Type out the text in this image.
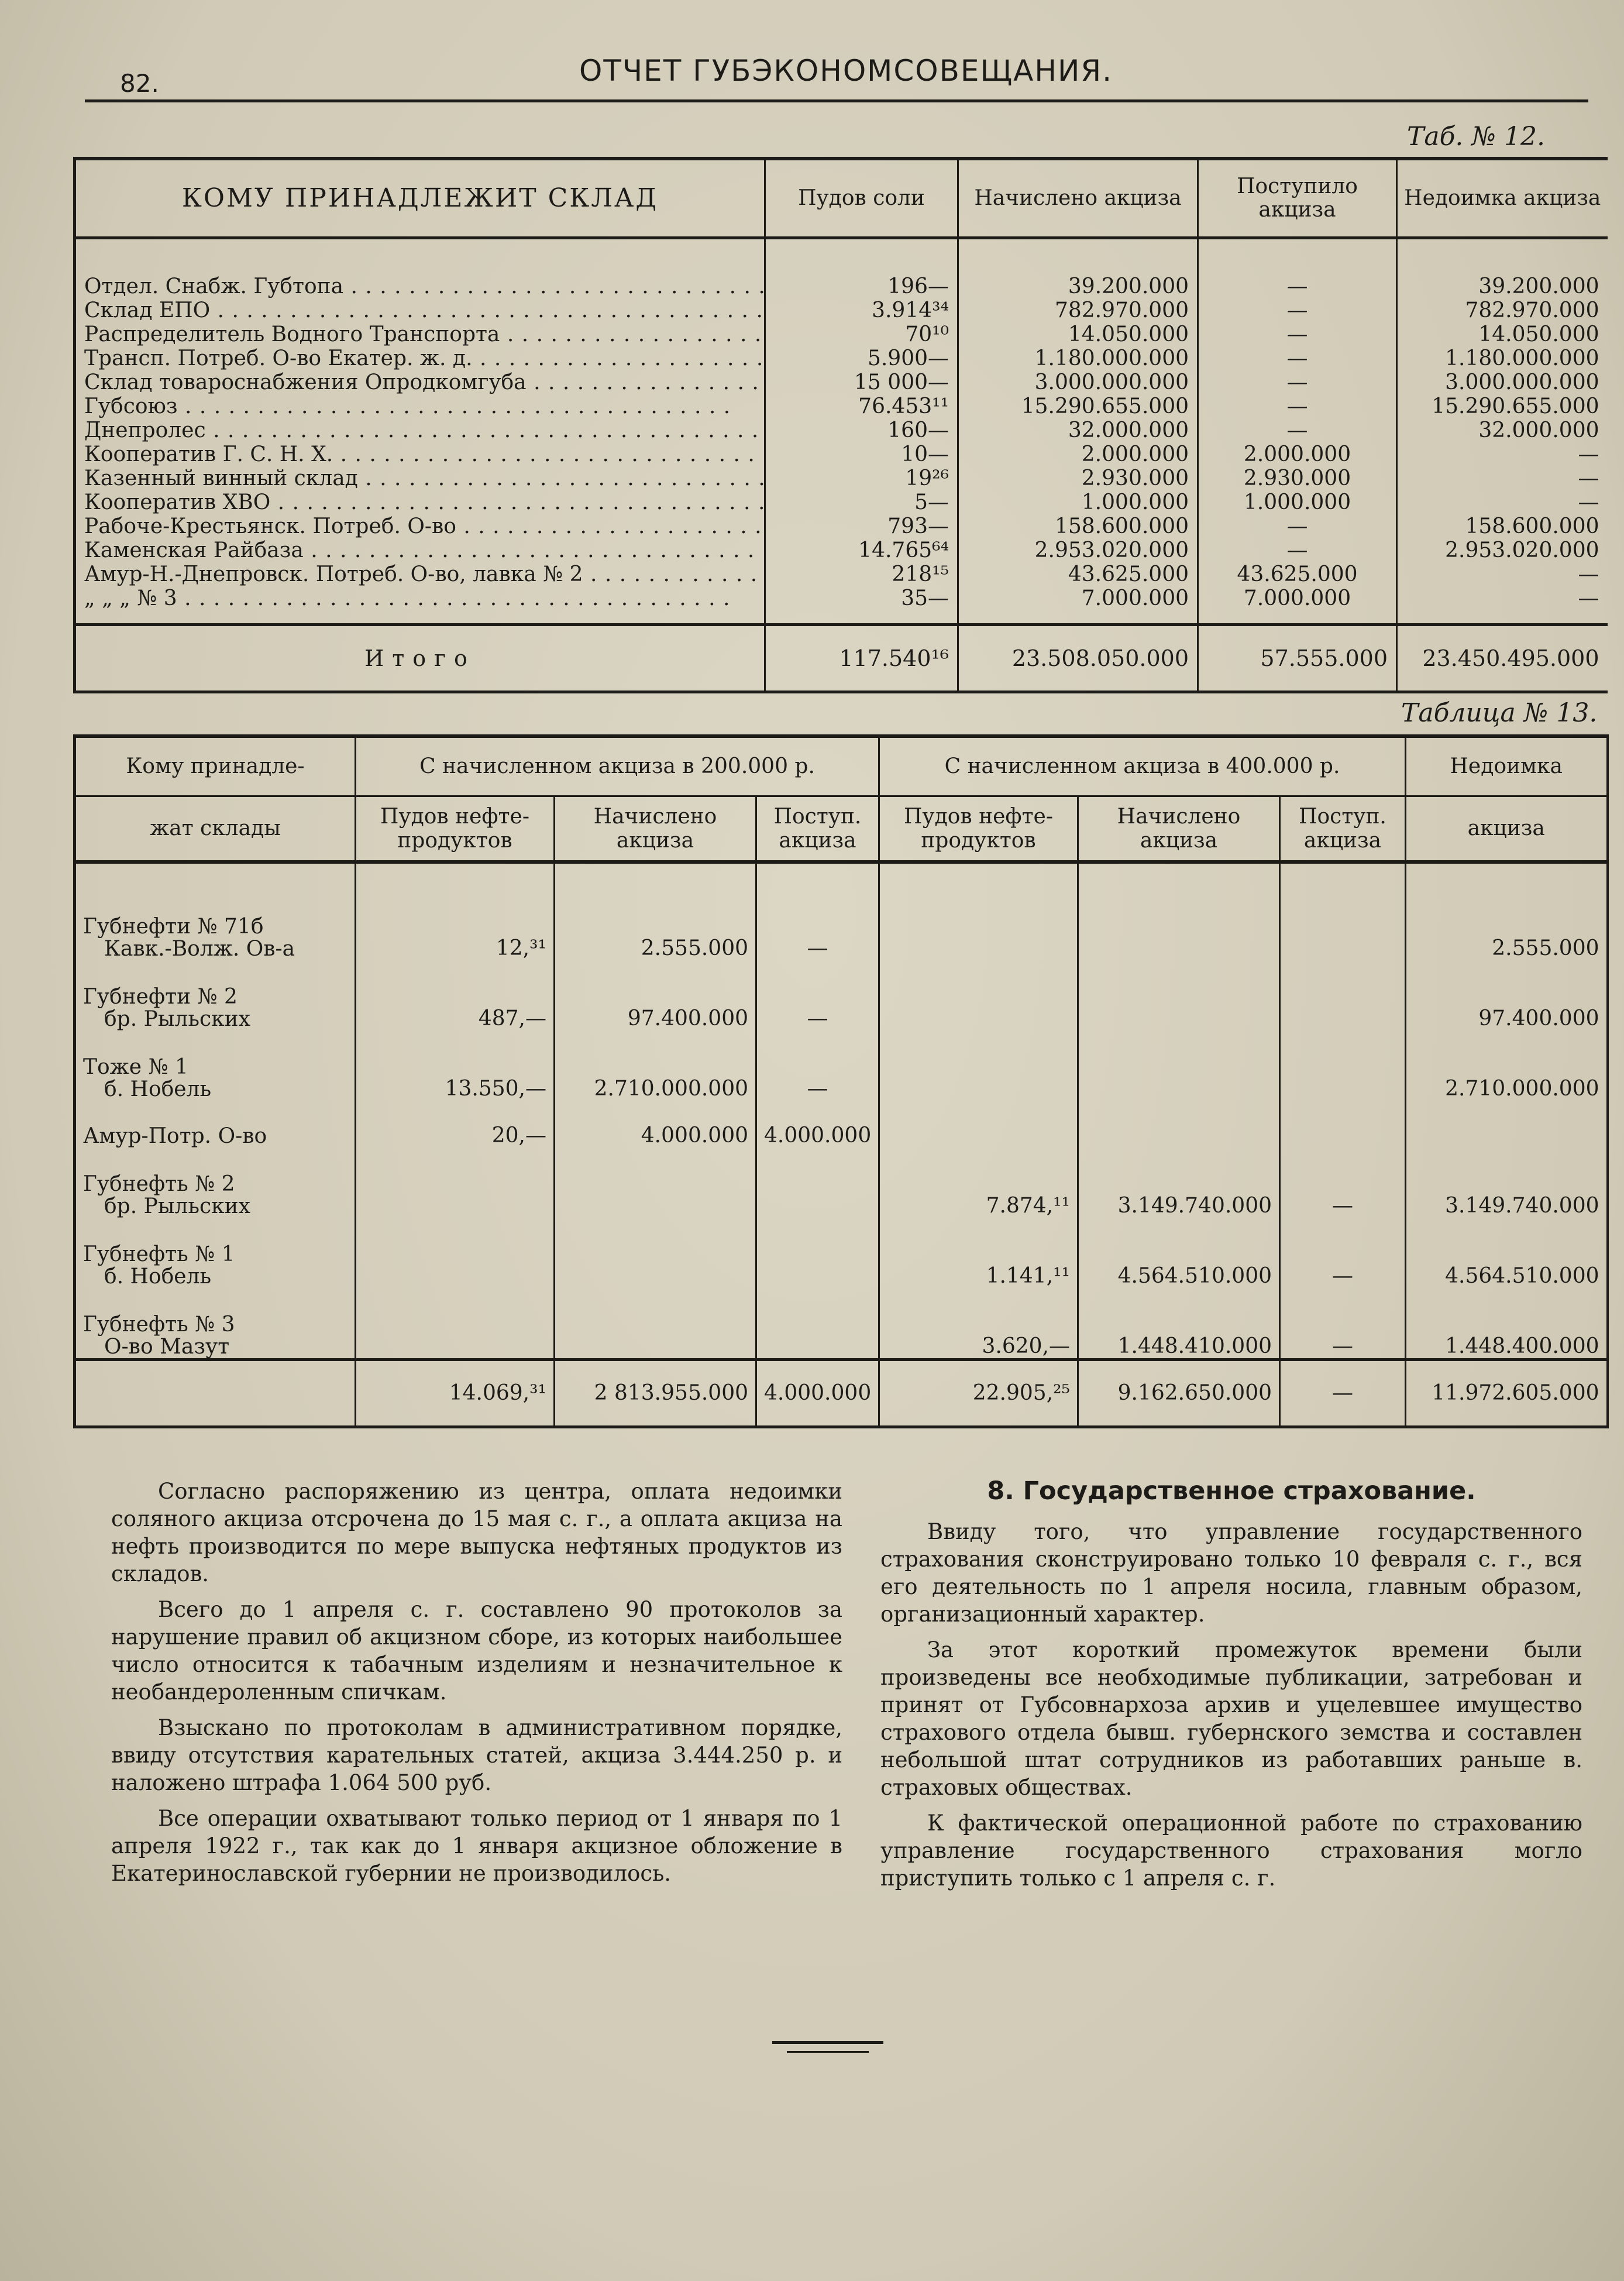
82.	ОТЧЕТ ГУБЭКОНОМСОВЕЩАНИЯ.
Таб. № 12.
КОМУ ПРИНАДЛЕЖИТ СКЛАД	Пудов соли	Начислено акциза	Поступило акциза	Недоимка акциза
Отдел. Снабж. Губтопа . . .	196—	39.200.000	—	39.200.000
Склад ЕПО . . .	3.914³⁴	782.970.000	—	782.970.000
Распределитель Водного Транспорта . . .	70¹⁰	14.050.000	—	14.050.000
Трансп. Потреб. О-во Екатер. ж. д. . . .	5.900—	1.180.000.000	—	1.180.000.000
Склад товароснабжения Опродкомгуба . . .	15 000—	3.000.000.000	—	3.000.000.000
Губсоюз . . .	76.453¹¹	15.290.655.000	—	15.290.655.000
Днепролес . . .	160—	32.000.000	—	32.000.000
Кооператив Г. С. Н. Х. . . .	10—	2.000.000	2.000.000	—
Казенный винный склад . . .	19²⁶	2.930.000	2.930.000	—
Кооператив ХВО . . .	5—	1.000.000	1.000.000	—
Рабоче-Крестьянск. Потреб. О-во . . .	793—	158.600.000	—	158.600.000
Каменская Райбаза . . .	14.765⁶⁴	2.953.020.000	—	2.953.020.000
Амур-Н.-Днепровск. Потреб. О-во, лавка № 2 . . .	218¹⁵	43.625.000	43.625.000	—
„ „ „ № 3 . . .	35—	7.000.000	7.000.000	—
Итого	117.540¹⁶	23.508.050.000	57.555.000	23.450.495.000
Таблица № 13.
Кому принадле-	С начисленном акциза в 200.000 р.			С начисленном акциза в 400.000 р.			Недоимка
жат склады	Пудов нефте-продуктов	Начислено акциза	Поступ. акциза	Пудов нефте-продуктов	Начислено акциза	Поступ. акциза	акциза

Губнефти № 71б
Кавк.-Волж. Ов-а	12,³¹	2.555.000	—				2.555.000

Губнефти № 2
бр. Рыльских	487,—	97.400.000	—				97.400.000

Тоже № 1
б. Нобель	13.550,—	2.710.000.000	—				2.710.000.000

Амур-Потр. О-во	20,—	4.000.000	4.000.000				

Губнефть № 2
бр. Рыльских				7.874,¹¹	3.149.740.000	—	3.149.740.000

Губнефть № 1
б. Нобель				1.141,¹¹	4.564.510.000	—	4.564.510.000

Губнефть № 3
О-во Мазут				3.620,—	1.448.410.000	—	1.448.400.000
	14.069,³¹	2 813.955.000	4.000.000	22.905,²⁵	9.162.650.000	—	11.972.605.000

Согласно распоряжению из центра, оплата недоимки соляного акциза отсрочена до 15 мая с. г., а оплата акциза на нефть производится по мере выпуска нефтяных продуктов из складов.

Всего до 1 апреля с. г. составлено 90 протоколов за нарушение правил об акцизном сборе, из которых наибольшее число относится к табачным изделиям и незначительное к необандероленным спичкам.

Взыскано по протоколам в административном порядке, ввиду отсутствия карательных статей, акциза 3.444.250 р. и наложено штрафа 1.064 500 руб.

Все операции охватывают только период от 1 января по 1 апреля 1922 г., так как до 1 января акцизное обложение в Екатеринославской губернии не производилось.

8. Государственное страхование.

Ввиду того, что управление государственного страхования сконструировано только 10 февраля с. г., вся его деятельность по 1 апреля носила, главным образом, организационный характер.

За этот короткий промежуток времени были произведены все необходимые публикации, затребован и принят от Губсовнархоза архив и уцелевшее имущество страхового отдела бывш. губернского земства и составлен небольшой штат сотрудников из работавших раньше в. страховых обществах.

К фактической операционной работе по страхованию управление государственного страхования могло приступить только с 1 апреля с. г.
